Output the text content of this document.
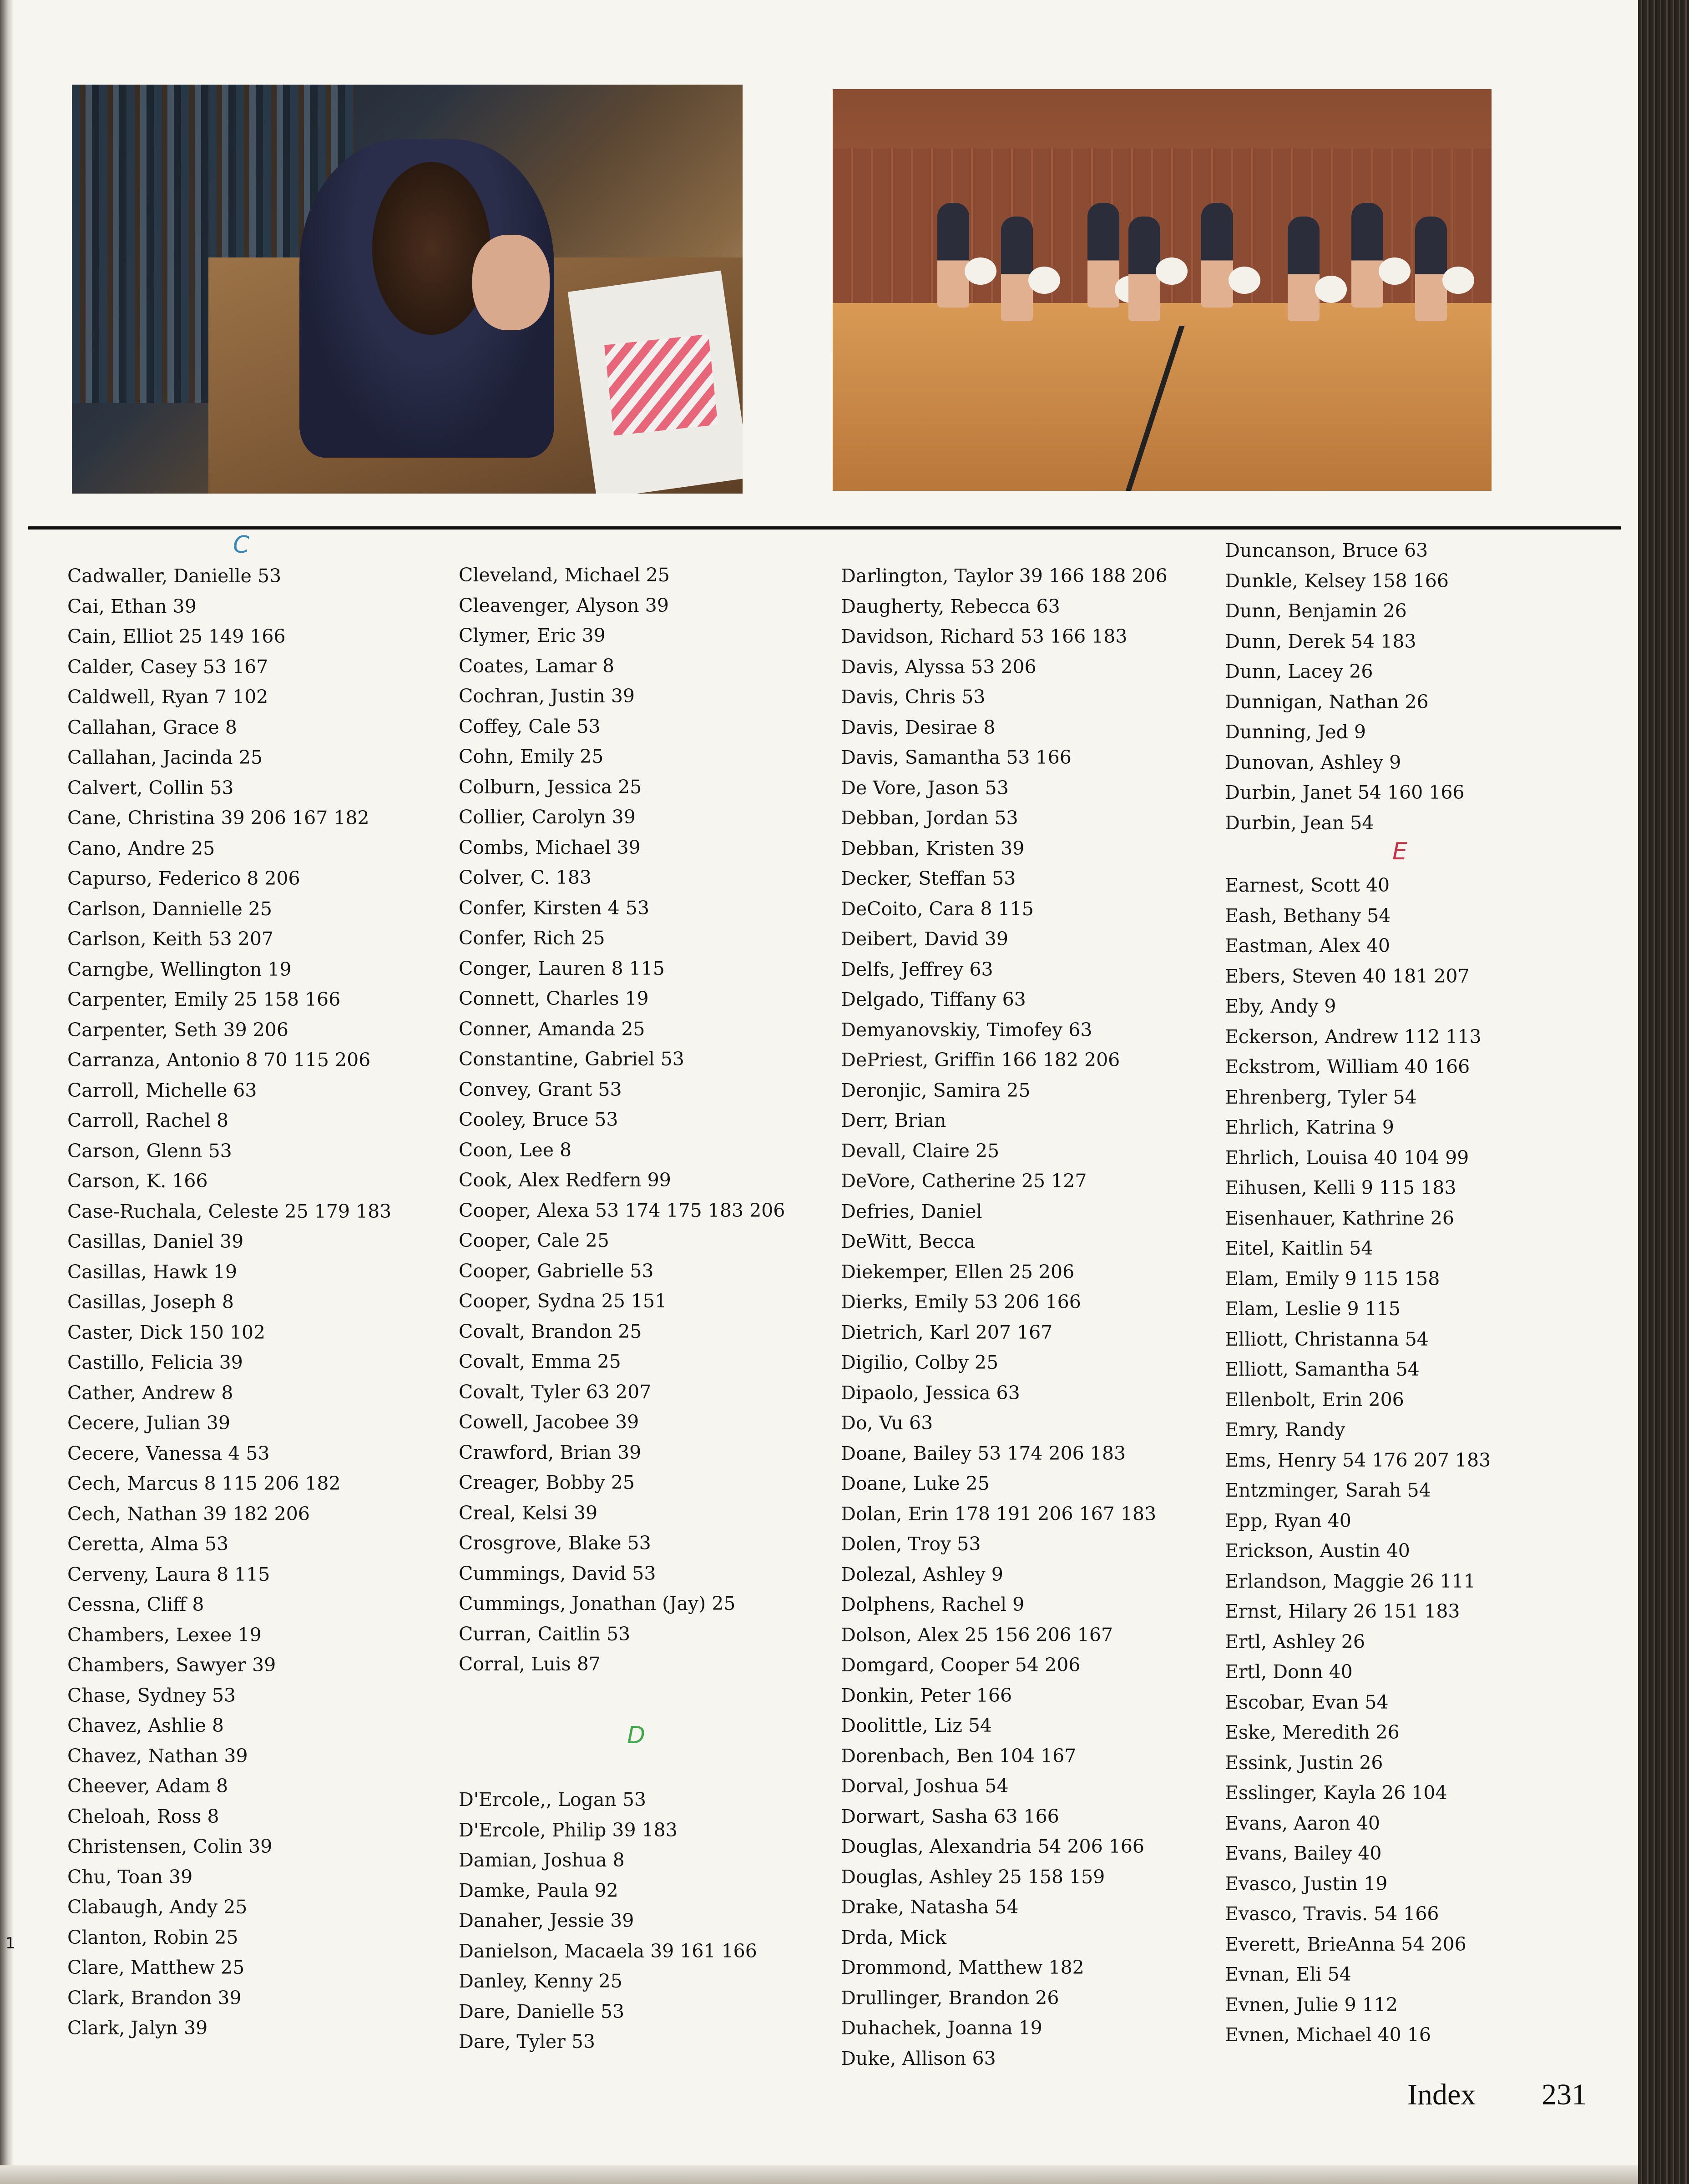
C
Cadwaller, Danielle 53
Cai, Ethan 39
Cain, Elliot 25 149 166
Calder, Casey 53 167
Caldwell, Ryan 7 102
Callahan, Grace 8
Callahan, Jacinda 25
Calvert, Collin 53
Cane, Christina 39 206 167 182
Cano, Andre 25
Capurso, Federico 8 206
Carlson, Dannielle 25
Carlson, Keith 53 207
Carngbe, Wellington 19
Carpenter, Emily 25 158 166
Carpenter, Seth 39 206
Carranza, Antonio 8 70 115 206
Carroll, Michelle 63
Carroll, Rachel 8
Carson, Glenn 53
Carson, K. 166
Case-Ruchala, Celeste 25 179 183
Casillas, Daniel 39
Casillas, Hawk 19
Casillas, Joseph 8
Caster, Dick 150 102
Castillo, Felicia 39
Cather, Andrew 8
Cecere, Julian 39
Cecere, Vanessa 4 53
Cech, Marcus 8 115 206 182
Cech, Nathan 39 182 206
Ceretta, Alma 53
Cerveny, Laura 8 115
Cessna, Cliff 8
Chambers, Lexee 19
Chambers, Sawyer 39
Chase, Sydney 53
Chavez, Ashlie 8
Chavez, Nathan 39
Cheever, Adam 8
Cheloah, Ross 8
Christensen, Colin 39
Chu, Toan 39
Clabaugh, Andy 25
Clanton, Robin 25
Clare, Matthew 25
Clark, Brandon 39
Clark, Jalyn 39
Cleveland, Michael 25
Cleavenger, Alyson 39
Clymer, Eric 39
Coates, Lamar 8
Cochran, Justin 39
Coffey, Cale 53
Cohn, Emily 25
Colburn, Jessica 25
Collier, Carolyn 39
Combs, Michael 39
Colver, C. 183
Confer, Kirsten 4 53
Confer, Rich 25
Conger, Lauren 8 115
Connett, Charles 19
Conner, Amanda 25
Constantine, Gabriel 53
Convey, Grant 53
Cooley, Bruce 53
Coon, Lee 8
Cook, Alex Redfern 99
Cooper, Alexa 53 174 175 183 206
Cooper, Cale 25
Cooper, Gabrielle 53
Cooper, Sydna 25 151
Covalt, Brandon 25
Covalt, Emma 25
Covalt, Tyler 63 207
Cowell, Jacobee 39
Crawford, Brian 39
Creager, Bobby 25
Creal, Kelsi 39
Crosgrove, Blake 53
Cummings, David 53
Cummings, Jonathan (Jay) 25
Curran, Caitlin 53
Corral, Luis 87
D
D'Ercole,, Logan 53
D'Ercole, Philip 39 183
Damian, Joshua 8
Damke, Paula 92
Danaher, Jessie 39
Danielson, Macaela 39 161 166
Danley, Kenny 25
Dare, Danielle 53
Dare, Tyler 53
Darlington, Taylor 39 166 188 206
Daugherty, Rebecca 63
Davidson, Richard 53 166 183
Davis, Alyssa 53 206
Davis, Chris 53
Davis, Desirae 8
Davis, Samantha 53 166
De Vore, Jason 53
Debban, Jordan 53
Debban, Kristen 39
Decker, Steffan 53
DeCoito, Cara 8 115
Deibert, David 39
Delfs, Jeffrey 63
Delgado, Tiffany 63
Demyanovskiy, Timofey 63
DePriest, Griffin 166 182 206
Deronjic, Samira 25
Derr, Brian
Devall, Claire 25
DeVore, Catherine 25 127
Defries, Daniel
DeWitt, Becca
Diekemper, Ellen 25 206
Dierks, Emily 53 206 166
Dietrich, Karl 207 167
Digilio, Colby 25
Dipaolo, Jessica 63
Do, Vu 63
Doane, Bailey 53 174 206 183
Doane, Luke 25
Dolan, Erin 178 191 206 167 183
Dolen, Troy 53
Dolezal, Ashley 9
Dolphens, Rachel 9
Dolson, Alex 25 156 206 167
Domgard, Cooper 54 206
Donkin, Peter 166
Doolittle, Liz 54
Dorenbach, Ben 104 167
Dorval, Joshua 54
Dorwart, Sasha 63 166
Douglas, Alexandria 54 206 166
Douglas, Ashley 25 158 159
Drake, Natasha 54
Drda, Mick
Drommond, Matthew 182
Drullinger, Brandon 26
Duhachek, Joanna 19
Duke, Allison 63
Duncanson, Bruce 63
Dunkle, Kelsey 158 166
Dunn, Benjamin 26
Dunn, Derek 54 183
Dunn, Lacey 26
Dunnigan, Nathan 26
Dunning, Jed 9
Dunovan, Ashley 9
Durbin, Janet 54 160 166
Durbin, Jean 54
E
Earnest, Scott 40
Eash, Bethany 54
Eastman, Alex 40
Ebers, Steven 40 181 207
Eby, Andy 9
Eckerson, Andrew 112 113
Eckstrom, William 40 166
Ehrenberg, Tyler 54
Ehrlich, Katrina 9
Ehrlich, Louisa 40 104 99
Eihusen, Kelli 9 115 183
Eisenhauer, Kathrine 26
Eitel, Kaitlin 54
Elam, Emily 9 115 158
Elam, Leslie 9 115
Elliott, Christanna 54
Elliott, Samantha 54
Ellenbolt, Erin 206
Emry, Randy
Ems, Henry 54 176 207 183
Entzminger, Sarah 54
Epp, Ryan 40
Erickson, Austin 40
Erlandson, Maggie 26 111
Ernst, Hilary 26 151 183
Ertl, Ashley 26
Ertl, Donn 40
Escobar, Evan 54
Eske, Meredith 26
Essink, Justin 26
Esslinger, Kayla 26 104
Evans, Aaron 40
Evans, Bailey 40
Evasco, Justin 19
Evasco, Travis. 54 166
Everett, BrieAnna 54 206
Evnan, Eli 54
Evnen, Julie 9 112
Evnen, Michael 40 16
Index 231
1
